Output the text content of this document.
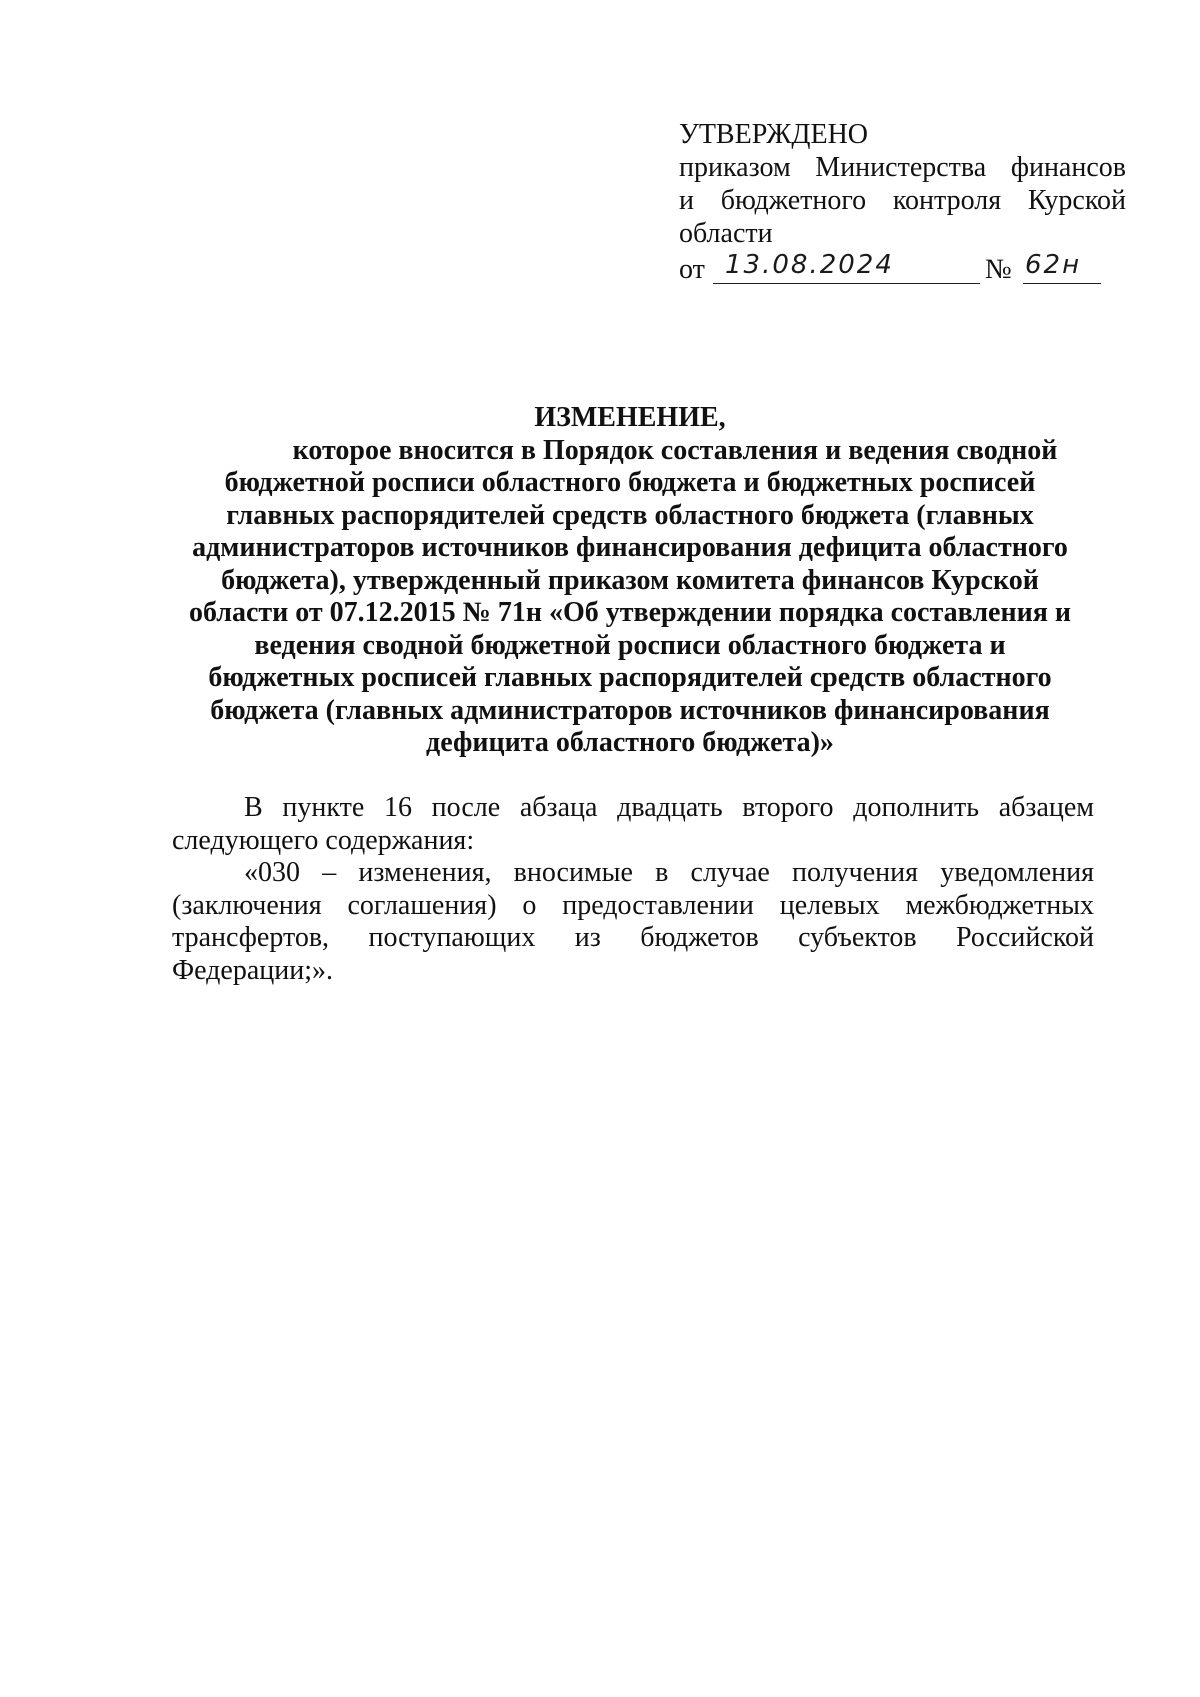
УТВЕРЖДЕНО
приказом Министерства финансов
и бюджетного контроля Курской
области
от 13.08.2024	№ 62н
ИЗМЕНЕНИЕ,
которое вносится в Порядок составления и ведения сводной
бюджетной росписи областного бюджета и бюджетных росписей
главных распорядителей средств областного бюджета (главных
администраторов источников финансирования дефицита областного
бюджета), утвержденный приказом комитета финансов Курской
области от 07.12.2015 № 71н «Об утверждении порядка составления и
ведения сводной бюджетной росписи областного бюджета и
бюджетных росписей главных распорядителей средств областного
бюджета (главных администраторов источников финансирования
дефицита областного бюджета)»
В пункте 16 после абзаца двадцать второго дополнить абзацем
следующего содержания:
«030 – изменения, вносимые в случае получения уведомления
(заключения соглашения) о предоставлении целевых межбюджетных
трансфертов, поступающих из бюджетов субъектов Российской
Федерации;».
